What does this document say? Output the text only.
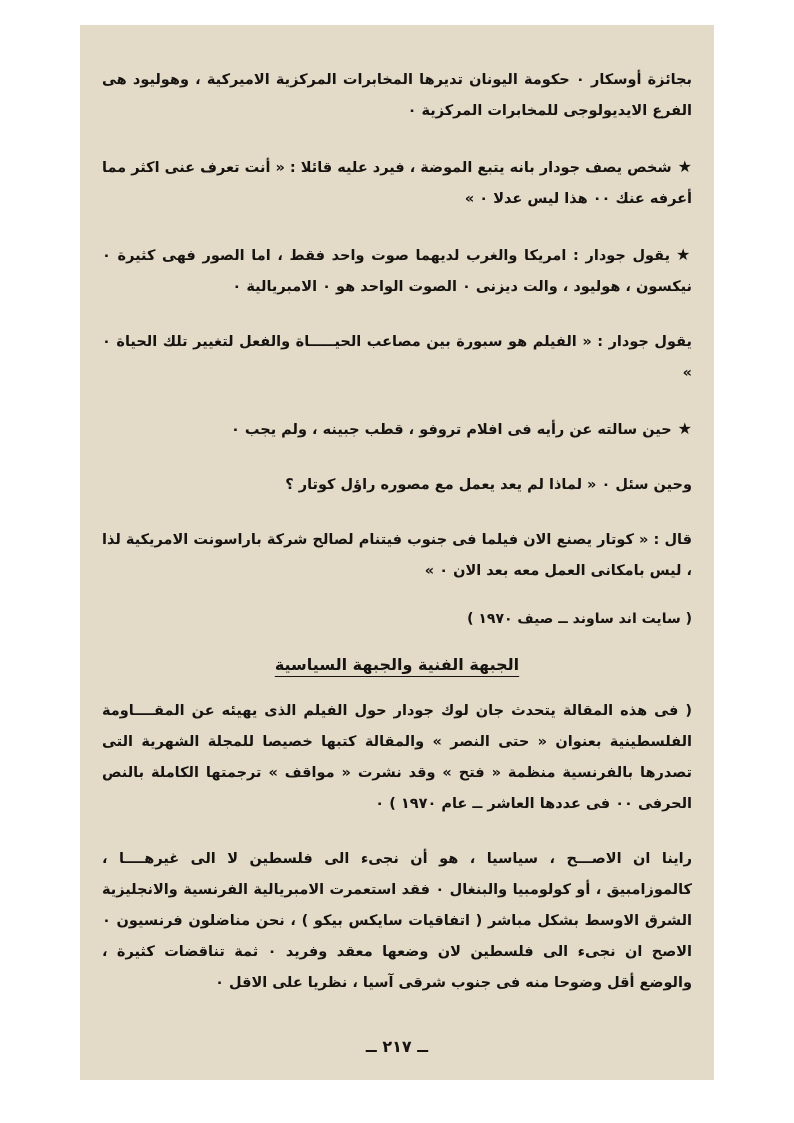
بجائزة أوسكار ٠ حكومة اليونان تديرها المخابرات المركزية الاميركية ، وهوليود هى الفرع الايديولوجى للمخابرات المركزية ٠

★شخص يصف جودار بانه يتبع الموضة ، فيرد عليه قائلا : « أنت تعرف عنى اكثر مما أعرفه عنك ٠٠ هذا ليس عدلا ٠ »

★يقول جودار : امريكا والغرب لديهما صوت واحد فقط ، اما الصور فهى كثيرة ٠ نيكسون ، هوليود ، والت ديزنى ٠ الصوت الواحد هو ٠ الامبريالية ٠

يقول جودار : « الفيلم هو سبورة بين مصاعب الحيـــــاة والفعل لتغيير تلك الحياة ٠ »

★حين سالته عن رأيه فى افلام تروفو ، قطب جبينه ، ولم يجب ٠

وحين سئل ٠ « لماذا لم يعد يعمل مع مصوره راؤل كوتار ؟

قال : « كوتار يصنع الان فيلما فى جنوب فيتنام لصالح شركة باراسونت الامريكية لذا ، ليس بامكانى العمل معه بعد الان ٠ »

( سايت اند ساوند ــ صيف ١٩٧٠ )

الجبهة الفنية والجبهة السياسية

( فى هذه المقالة يتحدث جان لوك جودار حول الفيلم الذى يهيئه عن المقــــاومة الفلسطينية بعنوان « حتى النصر » والمقالة كتبها خصيصا للمجلة الشهرية التى تصدرها بالفرنسية منظمة « فتح » وقد نشرت « مواقف » ترجمتها الكاملة بالنص الحرفى ٠٠ فى عددها العاشر ــ عام ١٩٧٠ ) ٠

راينا ان الاصـــح ، سياسيا ، هو أن نجىء الى فلسطين لا الى غيرهــــا ، كالموزامبيق ، أو كولومبيا والبنغال ٠ فقد استعمرت الامبريالية الفرنسية والانجليزية الشرق الاوسط بشكل مباشر ( اتفاقيات سايكس بيكو ) ، نحن مناضلون فرنسيون ٠ الاصح ان نجىء الى فلسطين لان وضعها معقد وفريد ٠ ثمة تناقضات كثيرة ، والوضع أقل وضوحا منه فى جنوب شرقى آسيا ، نظريا على الاقل ٠

ــ ٢١٧ ــ
